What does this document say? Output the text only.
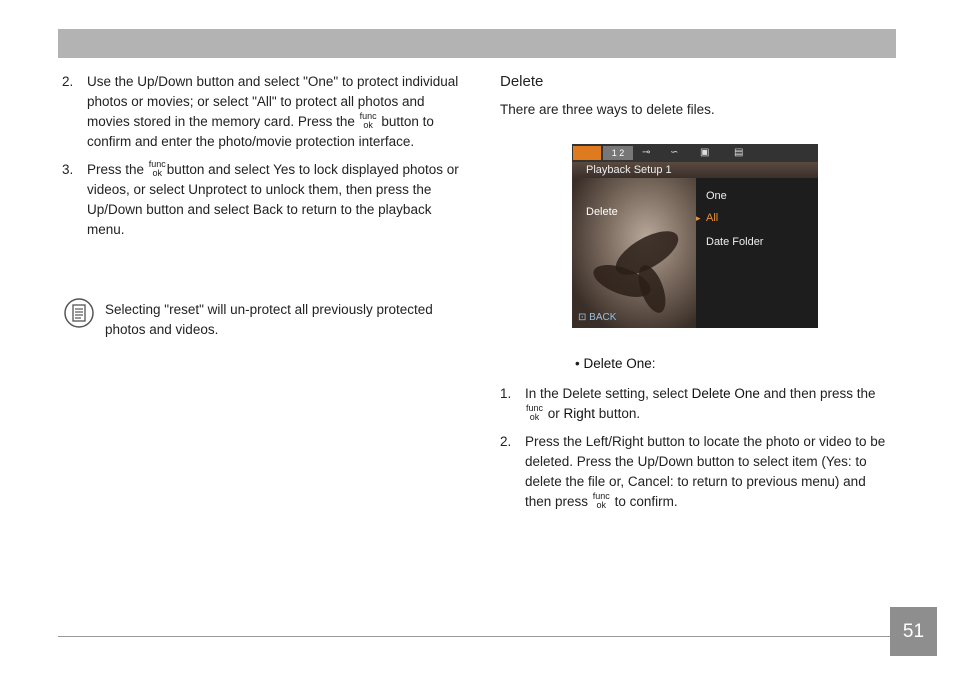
2. Use the Up/Down button and select "One" to protect individual photos or movies; or select "All" to protect all photos and movies stored in the memory card. Press the func
ok button to confirm and enter the photo/movie protection interface.
3. Press the func
ok button and select Yes to lock displayed photos or videos, or select Unprotect to unlock them, then press the Up/Down button and select Back to return to the playback menu.
Selecting "reset" will un-protect all previously protected photos and videos.
Delete

There are three ways to delete files.

1 2	⊸ ∽ ▣ ▤
Playback Setup 1
Delete
One
▸ All
Date Folder
⊡ BACK
• Delete One:
1. In the Delete setting, select Delete One and then press the
func
ok or Right button.
2. Press the Left/Right button to locate the photo or video to be deleted. Press the Up/Down button to select item (Yes: to delete the file or, Cancel: to return to previous menu) and then press func
ok to confirm.
51
